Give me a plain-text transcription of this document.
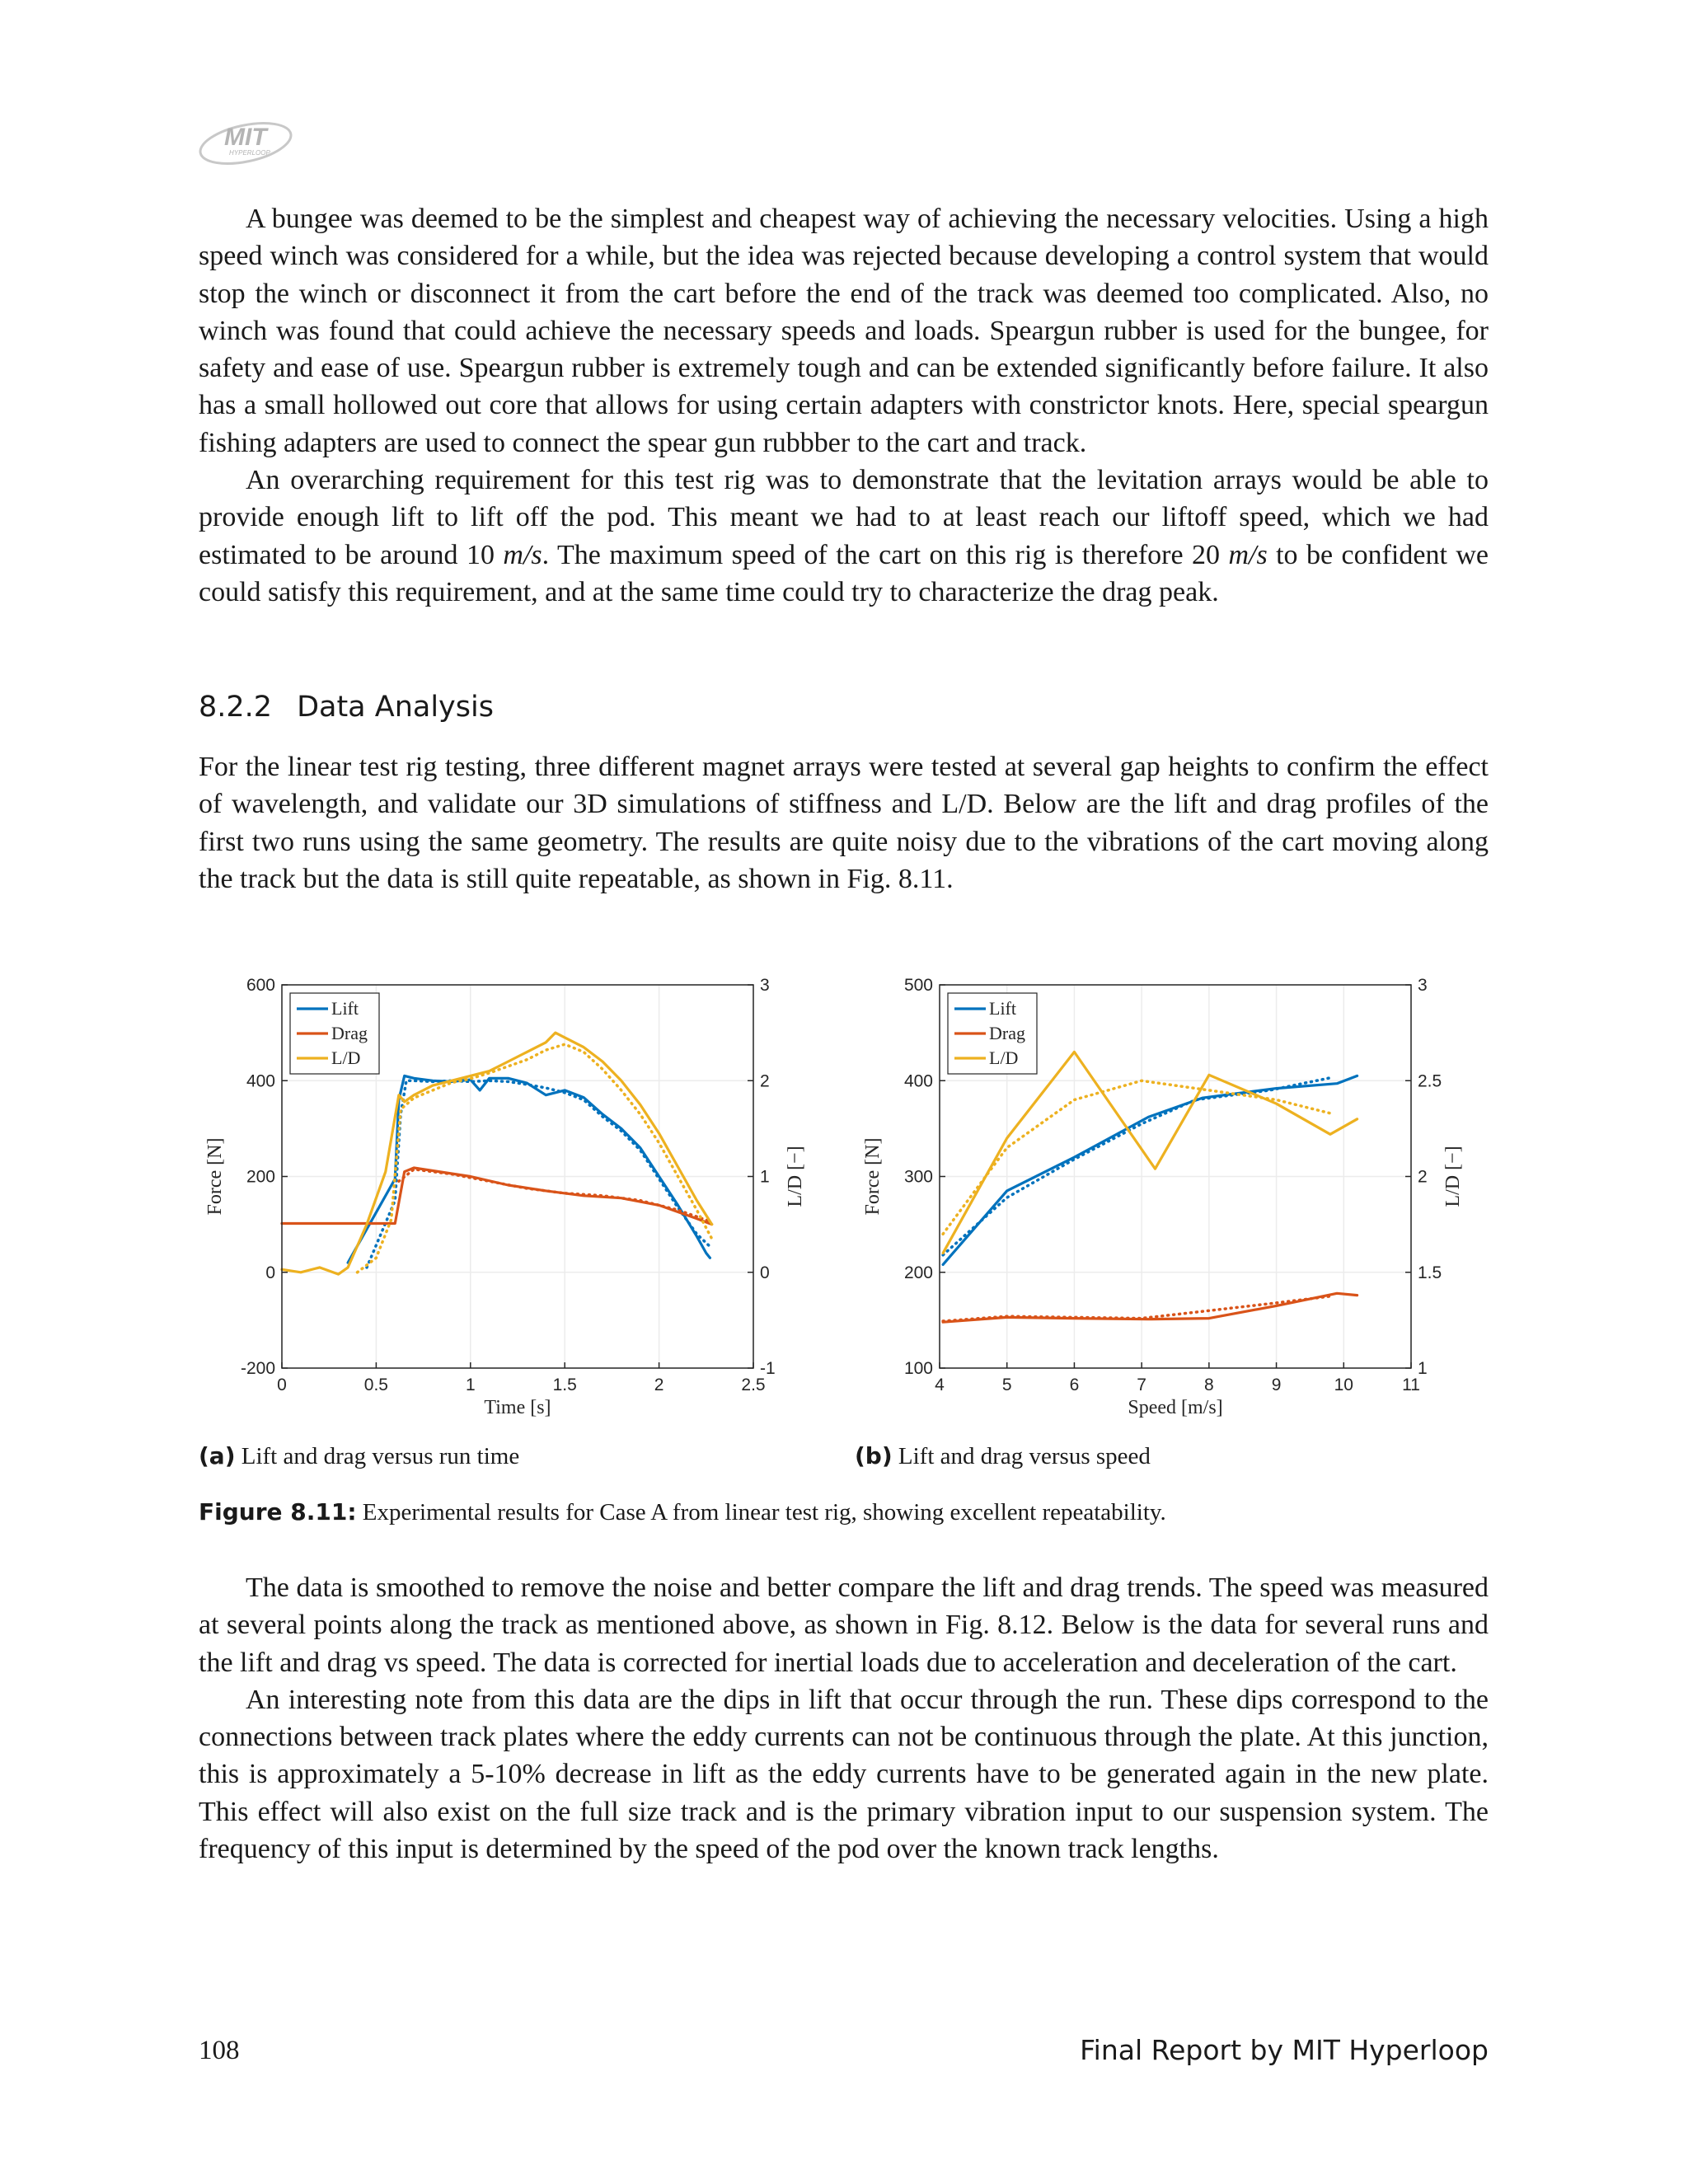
MIT
HYPERLOOP

A bungee was deemed to be the simplest and cheapest way of achieving the necessary velocities. Using a high speed winch was considered for a while, but the idea was rejected because developing a control system that would stop the winch or disconnect it from the cart before the end of the track was deemed too complicated. Also, no winch was found that could achieve the necessary speeds and loads. Speargun rubber is used for the bungee, for safety and ease of use. Speargun rubber is extremely tough and can be extended significantly before failure. It also has a small hollowed out core that allows for using certain adapters with constrictor knots. Here, special speargun fishing adapters are used to connect the spear gun rubbber to the cart and track.

An overarching requirement for this test rig was to demonstrate that the levitation arrays would be able to provide enough lift to lift off the pod. This meant we had to at least reach our liftoff speed, which we had estimated to be around 10 m/s. The maximum speed of the cart on this rig is therefore 20 m/s to be confident we could satisfy this requirement, and at the same time could try to characterize the drag peak.

8.2.2 Data Analysis

For the linear test rig testing, three different magnet arrays were tested at several gap heights to confirm the effect of wavelength, and validate our 3D simulations of stiffness and L/D. Below are the lift and drag profiles of the first two runs using the same geometry. The results are quite noisy due to the vibrations of the cart moving along the track but the data is still quite repeatable, as shown in Fig. 8.11.

0	0.5	1	1.5	2	2.5
-200
0
200
400
600
-1
0
1
2
3
Time [s]
Force [N]	L/D [−]
Lift
Drag
L/D
4	5	6	7	8	9	10	11
100
200
300
400
500
1
1.5
2
2.5
3
Speed [m/s]
Force [N]	L/D [−]
Lift
Drag
L/D
(a) Lift and drag versus run time	(b) Lift and drag versus speed
Figure 8.11: Experimental results for Case A from linear test rig, showing excellent repeatability.

The data is smoothed to remove the noise and better compare the lift and drag trends. The speed was measured at several points along the track as mentioned above, as shown in Fig. 8.12. Below is the data for several runs and the lift and drag vs speed. The data is corrected for inertial loads due to acceleration and deceleration of the cart.

An interesting note from this data are the dips in lift that occur through the run. These dips correspond to the connections between track plates where the eddy currents can not be continuous through the plate. At this junction, this is approximately a 5-10% decrease in lift as the eddy currents have to be generated again in the new plate. This effect will also exist on the full size track and is the primary vibration input to our suspension system. The frequency of this input is determined by the speed of the pod over the known track lengths.

108	Final Report by MIT Hyperloop
